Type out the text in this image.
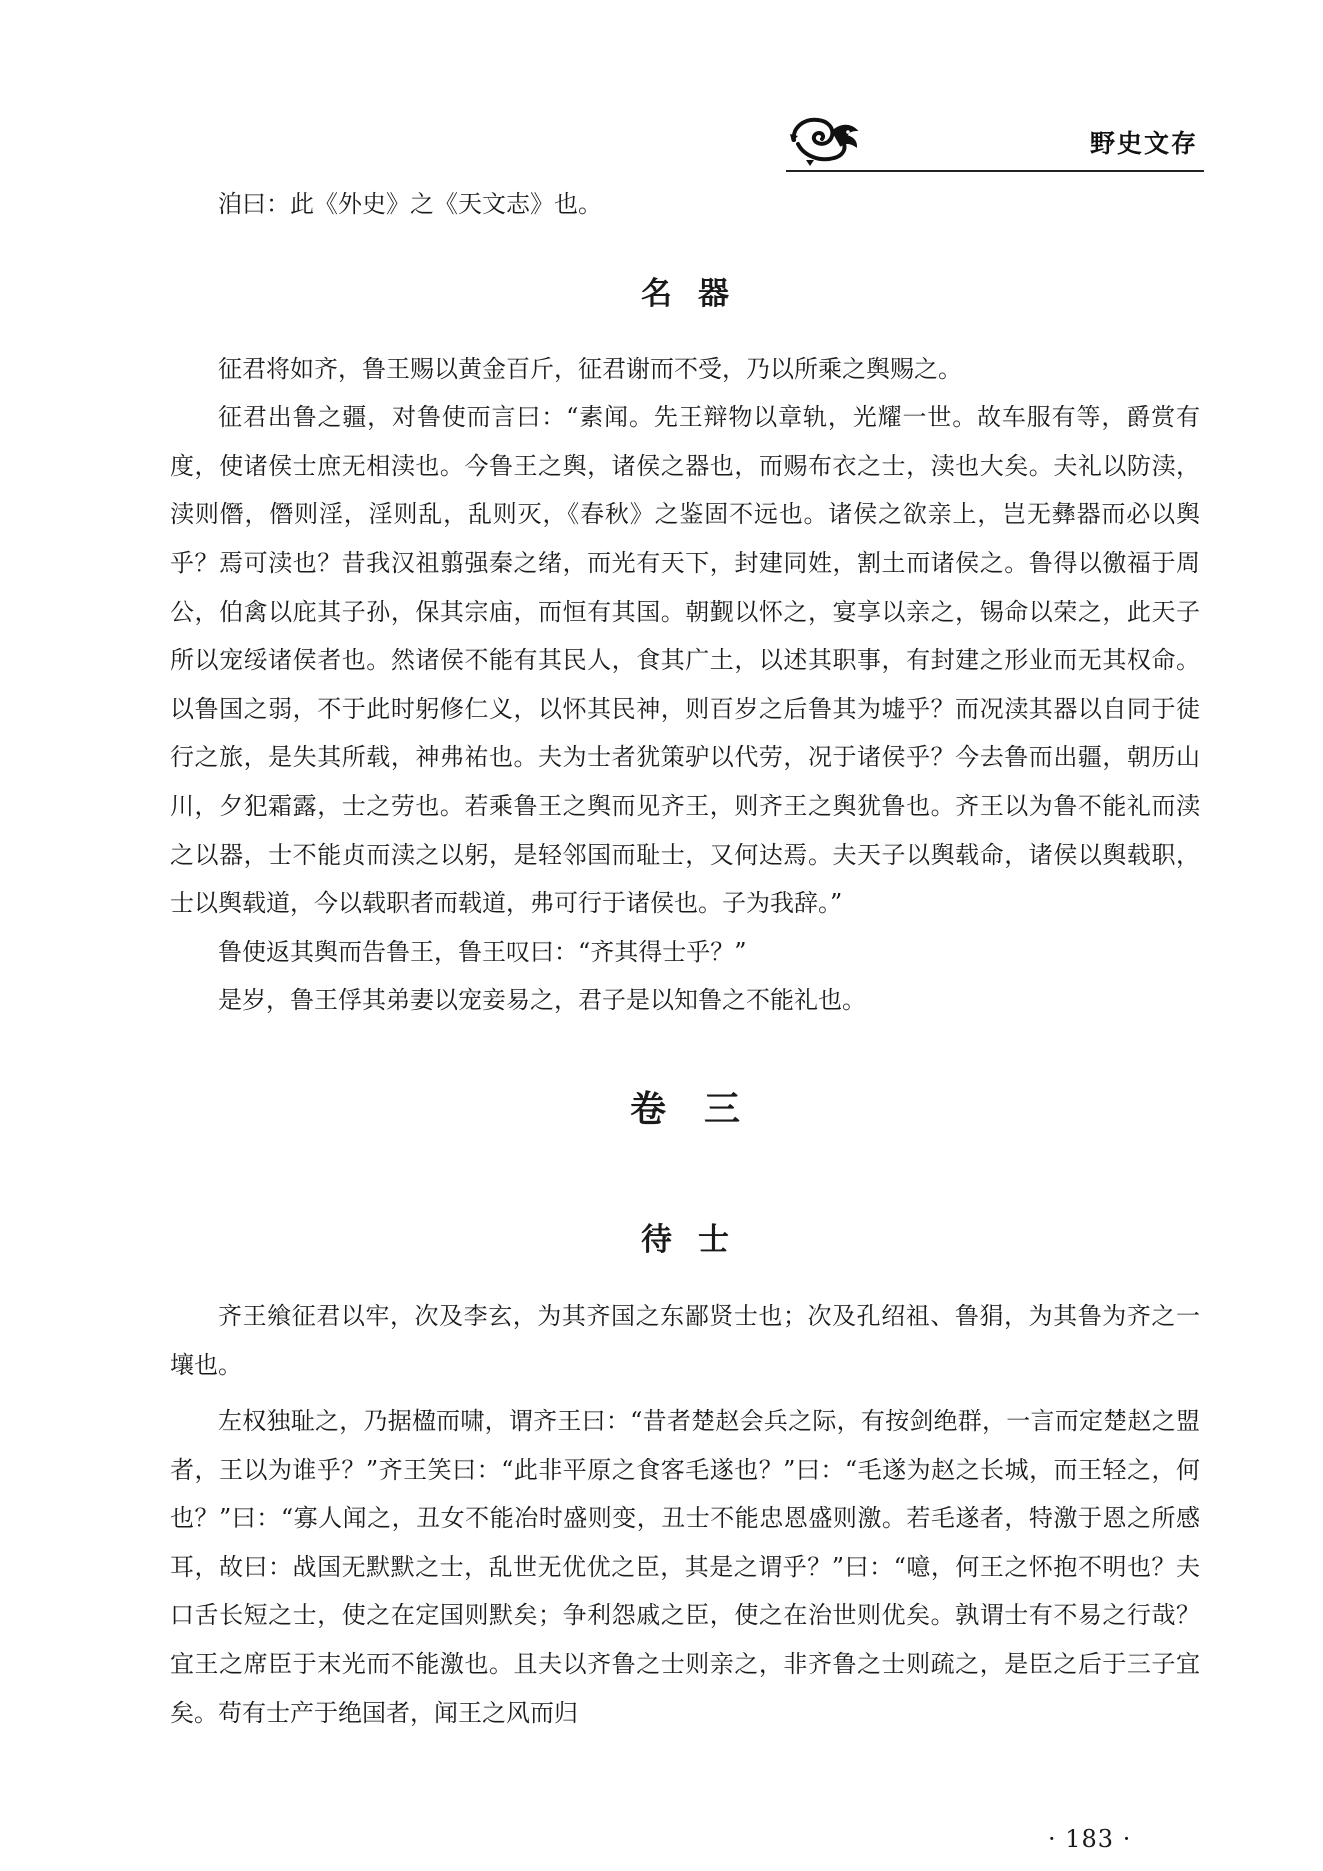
野史文存

洎曰：此《外史》之《天文志》也。

名器

征君将如齐，鲁王赐以黄金百斤，征君谢而不受，乃以所乘之舆赐之。

征君出鲁之疆，对鲁使而言曰：“素闻。先王辩物以章轨，光耀一世。故车服有等，爵赏有度，使诸侯士庶无相渎也。今鲁王之舆，诸侯之器也，而赐布衣之士，渎也大矣。夫礼以防渎，渎则僭，僭则淫，淫则乱，乱则灭，《春秋》之鉴固不远也。诸侯之欲亲上，岂无彝器而必以舆乎？焉可渎也？昔我汉祖翦强秦之绪，而光有天下，封建同姓，割土而诸侯之。鲁得以徼福于周公，伯禽以庇其子孙，保其宗庙，而恒有其国。朝觐以怀之，宴享以亲之，锡命以荣之，此天子所以宠绥诸侯者也。然诸侯不能有其民人，食其广土，以述其职事，有封建之形业而无其权命。以鲁国之弱，不于此时躬修仁义，以怀其民神，则百岁之后鲁其为墟乎？而况渎其器以自同于徒行之旅，是失其所载，神弗祐也。夫为士者犹策驴以代劳，况于诸侯乎？今去鲁而出疆，朝历山川，夕犯霜露，士之劳也。若乘鲁王之舆而见齐王，则齐王之舆犹鲁也。齐王以为鲁不能礼而渎之以器，士不能贞而渎之以躬，是轻邻国而耻士，又何达焉。夫天子以舆载命，诸侯以舆载职，士以舆载道，今以载职者而载道，弗可行于诸侯也。子为我辞。”

鲁使返其舆而告鲁王，鲁王叹曰：“齐其得士乎？”

是岁，鲁王俘其弟妻以宠妾易之，君子是以知鲁之不能礼也。

卷三
待士

齐王飨征君以牢，次及李玄，为其齐国之东鄙贤士也；次及孔绍祖、鲁狷，为其鲁为齐之一壤也。

左权独耻之，乃据楹而啸，谓齐王曰：“昔者楚赵会兵之际，有按剑绝群，一言而定楚赵之盟者，王以为谁乎？”齐王笑曰：“此非平原之食客毛遂也？”曰：“毛遂为赵之长城，而王轻之，何也？”曰：“寡人闻之，丑女不能冶时盛则变，丑士不能忠恩盛则激。若毛遂者，特激于恩之所感耳，故曰：战国无默默之士，乱世无优优之臣，其是之谓乎？”曰：“噫，何王之怀抱不明也？夫口舌长短之士，使之在定国则默矣；争利怨戚之臣，使之在治世则优矣。孰谓士有不易之行哉？宜王之席臣于末光而不能激也。且夫以齐鲁之士则亲之，非齐鲁之士则疏之，是臣之后于三子宜矣。苟有士产于绝国者，闻王之风而归

· 183 ·
